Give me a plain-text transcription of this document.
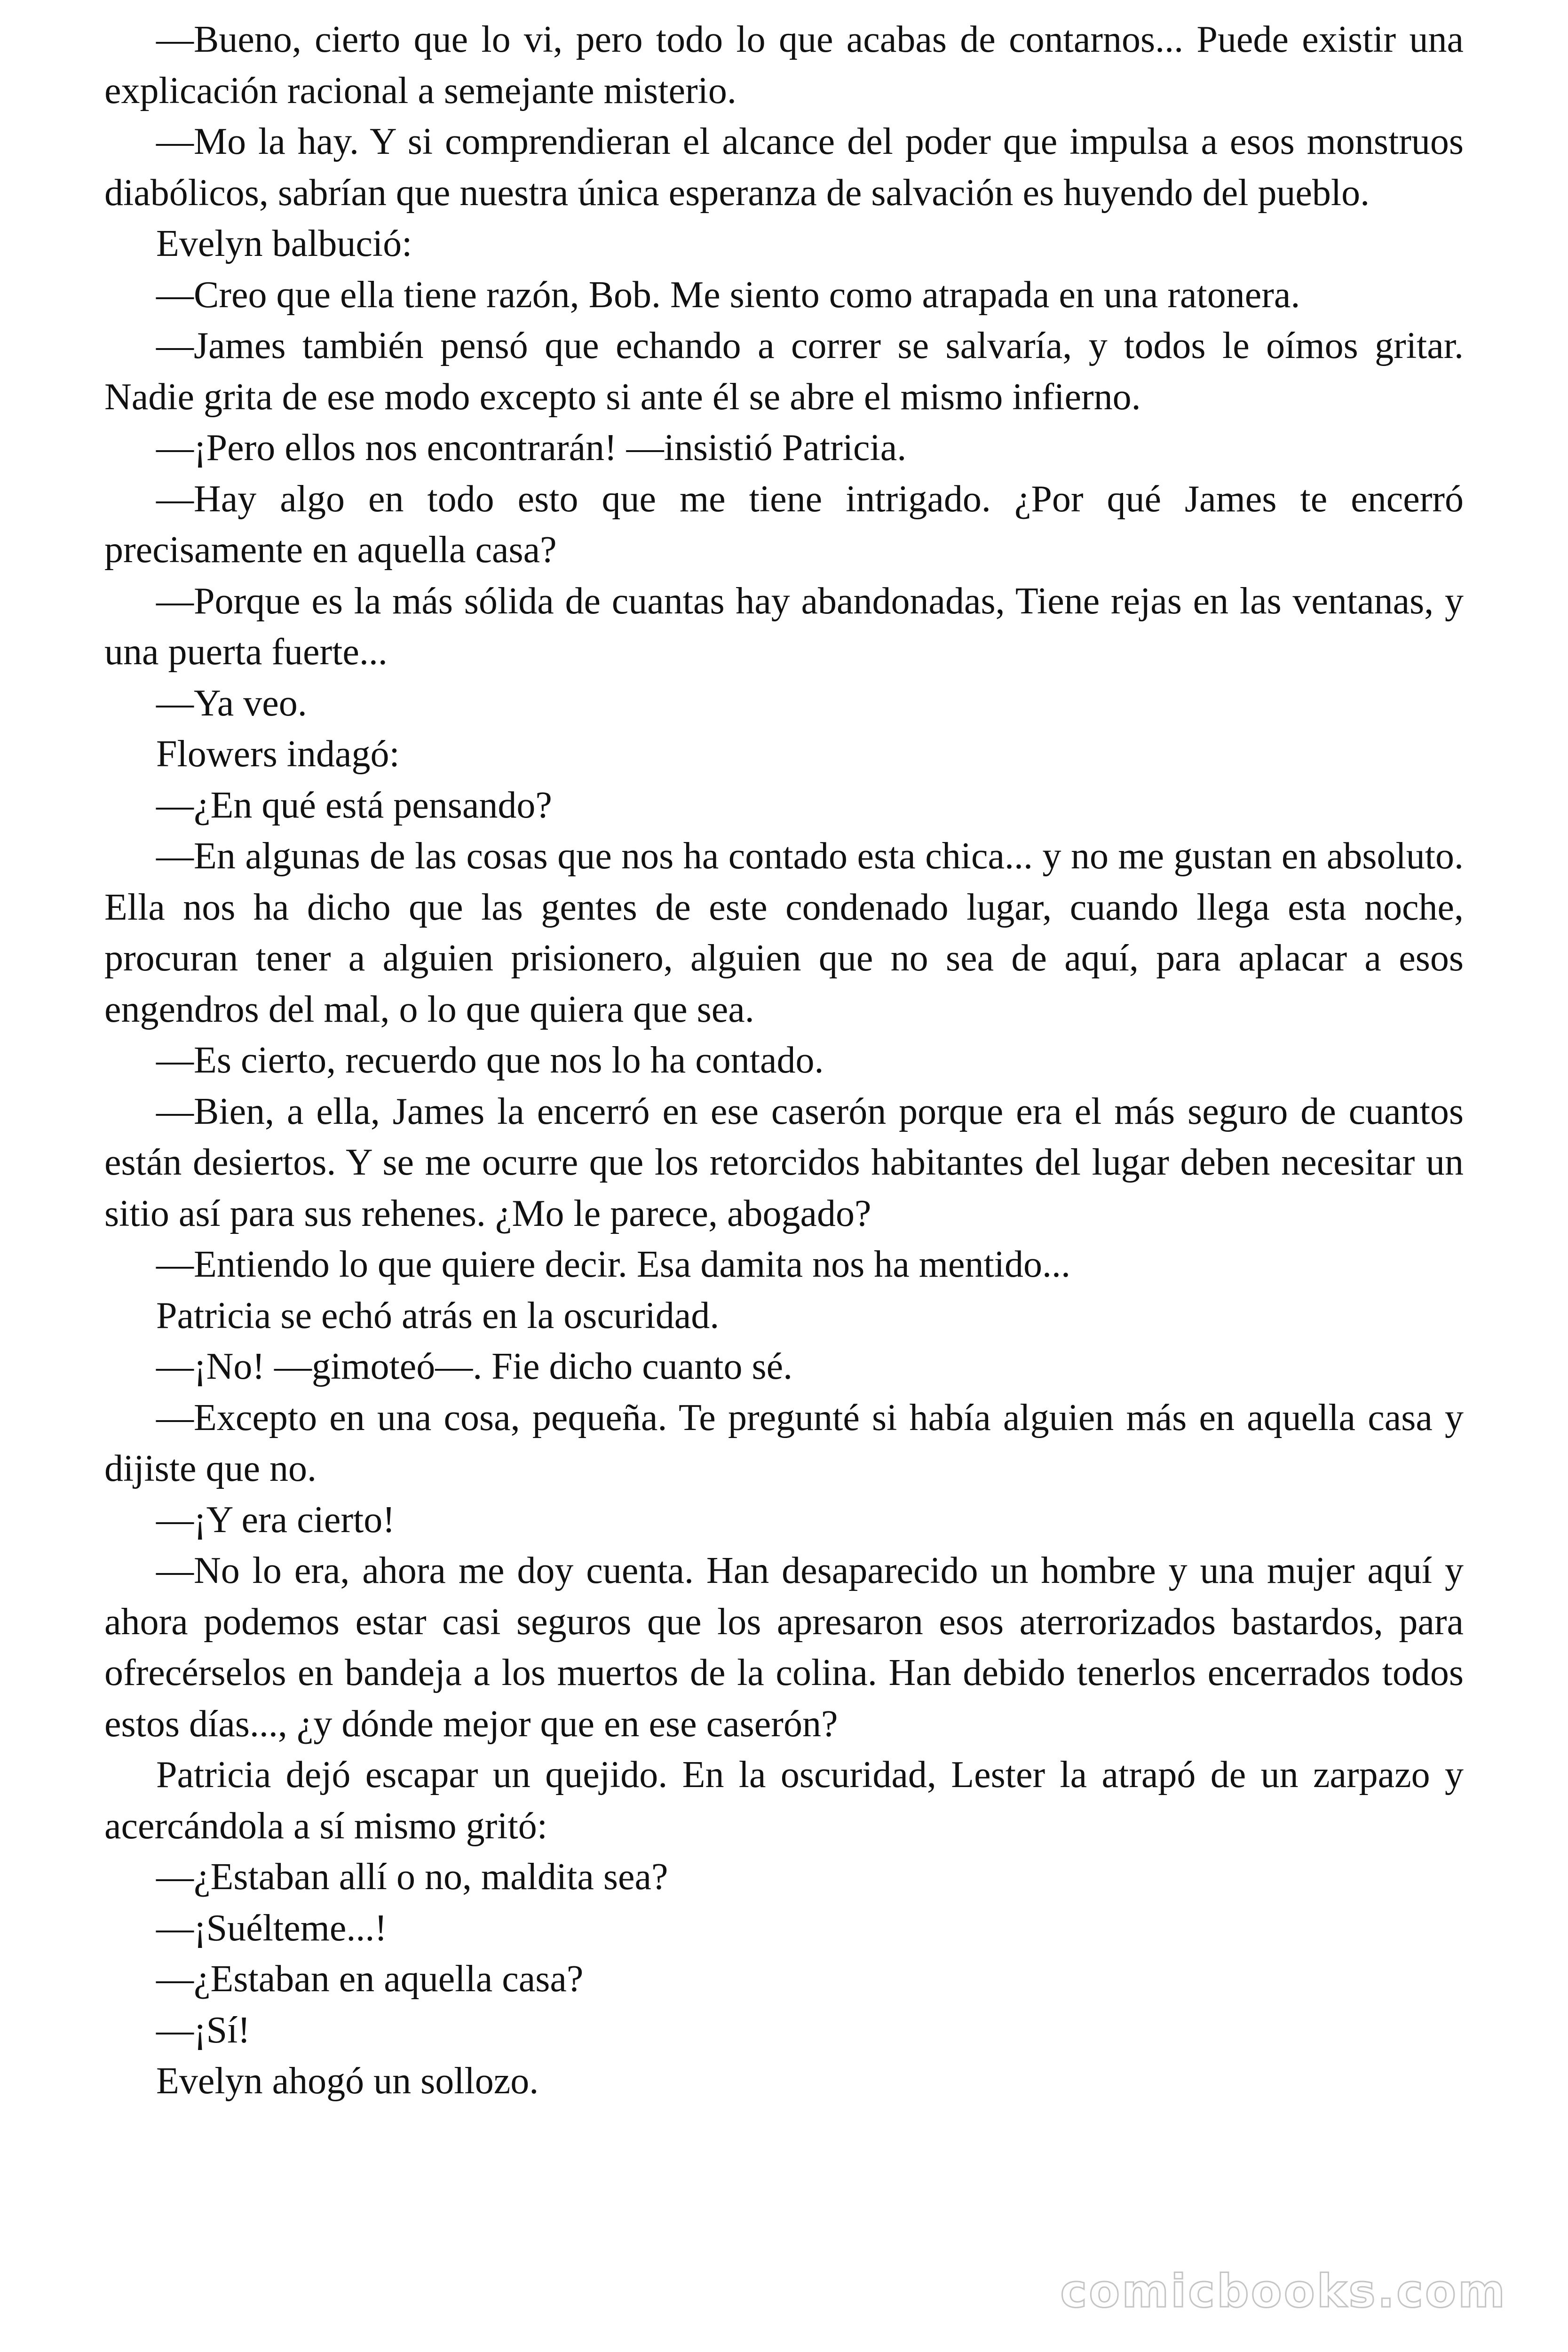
—Bueno, cierto que lo vi, pero todo lo que acabas de contarnos... Puede existir una explicación racional a semejante misterio.

—Mo la hay. Y si comprendieran el alcance del poder que impulsa a esos monstruos diabólicos, sabrían que nuestra única esperanza de salvación es huyendo del pueblo.

Evelyn balbució:

—Creo que ella tiene razón, Bob. Me siento como atrapada en una ratonera.

—James también pensó que echando a correr se salvaría, y todos le oímos gritar. Nadie grita de ese modo excepto si ante él se abre el mismo infierno.

—¡Pero ellos nos encontrarán! —insistió Patricia.

—Hay algo en todo esto que me tiene intrigado. ¿Por qué James te encerró precisamente en aquella casa?

—Porque es la más sólida de cuantas hay abandonadas, Tiene rejas en las ventanas, y una puerta fuerte...

—Ya veo.

Flowers indagó:

—¿En qué está pensando?

—En algunas de las cosas que nos ha contado esta chica... y no me gustan en absoluto. Ella nos ha dicho que las gentes de este condenado lugar, cuando llega esta noche, procuran tener a alguien prisionero, alguien que no sea de aquí, para aplacar a esos engendros del mal, o lo que quiera que sea.

—Es cierto, recuerdo que nos lo ha contado.

—Bien, a ella, James la encerró en ese caserón porque era el más seguro de cuantos están desiertos. Y se me ocurre que los retorcidos habitantes del lugar deben necesitar un sitio así para sus rehenes. ¿Mo le parece, abogado?

—Entiendo lo que quiere decir. Esa damita nos ha mentido...

Patricia se echó atrás en la oscuridad.

—¡No! —gimoteó—. Fie dicho cuanto sé.

—Excepto en una cosa, pequeña. Te pregunté si había alguien más en aquella casa y dijiste que no.

—¡Y era cierto!

—No lo era, ahora me doy cuenta. Han desaparecido un hombre y una mujer aquí y ahora podemos estar casi seguros que los apresaron esos aterrorizados bastardos, para ofrecérselos en bandeja a los muertos de la colina. Han debido tenerlos encerrados todos estos días..., ¿y dónde mejor que en ese caserón?

Patricia dejó escapar un quejido. En la oscuridad, Lester la atrapó de un zarpazo y acercándola a sí mismo gritó:

—¿Estaban allí o no, maldita sea?

—¡Suélteme...!

—¿Estaban en aquella casa?

—¡Sí!

Evelyn ahogó un sollozo.

comicbooks.com
